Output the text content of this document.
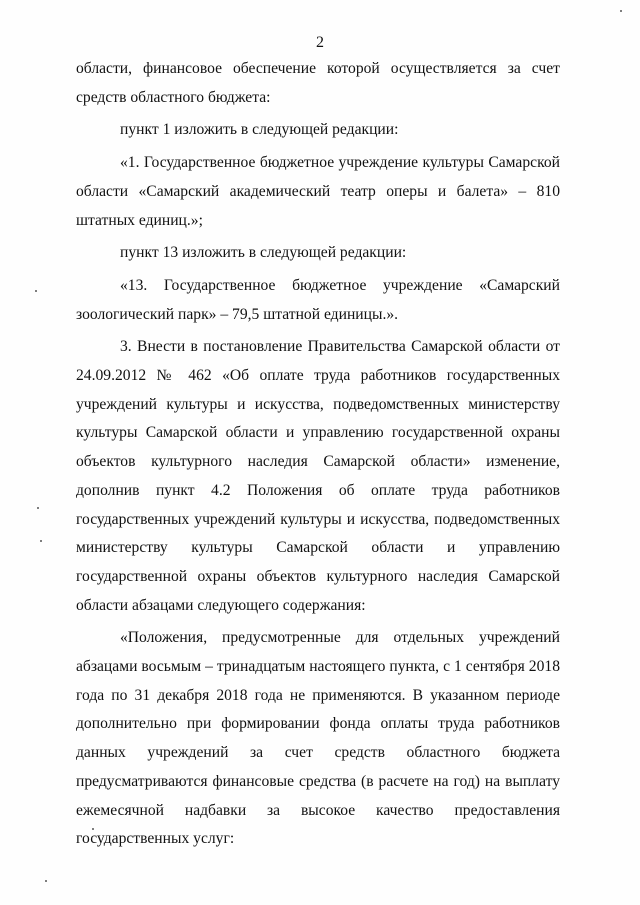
2

области, финансовое обеспечение которой осуществляется за счет средств областного бюджета:

пункт 1 изложить в следующей редакции:

«1. Государственное бюджетное учреждение культуры Самарской области «Самарский академический театр оперы и балета» – 810 штатных единиц.»;

пункт 13 изложить в следующей редакции:

«13. Государственное бюджетное учреждение «Самарский зоологический парк» – 79,5 штатной единицы.».

3. Внести в постановление Правительства Самарской области от 24.09.2012 № 462 «Об оплате труда работников государственных учреждений культуры и искусства, подведомственных министерству культуры Самарской области и управлению государственной охраны объектов культурного наследия Самарской области» изменение, дополнив пункт 4.2 Положения об оплате труда работников государственных учреждений культуры и искусства, подведомственных министерству культуры Самарской области и управлению государственной охраны объектов культурного наследия Самарской области абзацами следующего содержания:

«Положения, предусмотренные для отдельных учреждений абзацами восьмым – тринадцатым настоящего пункта, с 1 сентября 2018 года по 31 декабря 2018 года не применяются. В указанном периоде дополнительно при формировании фонда оплаты труда работников данных учреждений за счет средств областного бюджета предусматриваются финансовые средства (в расчете на год) на выплату ежемесячной надбавки за высокое качество предоставления государственных услуг:
